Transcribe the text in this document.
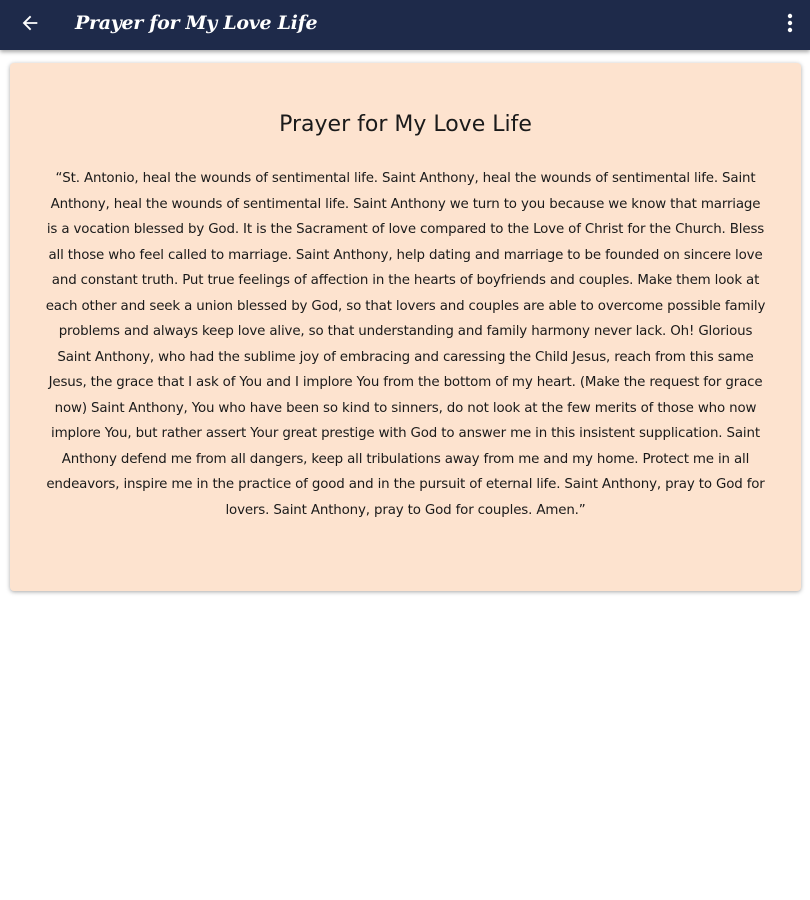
Prayer for My Love Life
Prayer for My Love Life
“St. Antonio, heal the wounds of sentimental life. Saint Anthony, heal the wounds of sentimental life. Saint Anthony, heal the wounds of sentimental life. Saint Anthony we turn to you because we know that marriage is a vocation blessed by God. It is the Sacrament of love compared to the Love of Christ for the Church. Bless all those who feel called to marriage. Saint Anthony, help dating and marriage to be founded on sincere love and constant truth. Put true feelings of affection in the hearts of boyfriends and couples. Make them look at each other and seek a union blessed by God, so that lovers and couples are able to overcome possible family problems and always keep love alive, so that understanding and family harmony never lack. Oh! Glorious Saint Anthony, who had the sublime joy of embracing and caressing the Child Jesus, reach from this same Jesus, the grace that I ask of You and I implore You from the bottom of my heart. (Make the request for grace now) Saint Anthony, You who have been so kind to sinners, do not look at the few merits of those who now implore You, but rather assert Your great prestige with God to answer me in this insistent supplication. Saint Anthony defend me from all dangers, keep all tribulations away from me and my home. Protect me in all endeavors, inspire me in the practice of good and in the pursuit of eternal life. Saint Anthony, pray to God for lovers. Saint Anthony, pray to God for couples. Amen.”
